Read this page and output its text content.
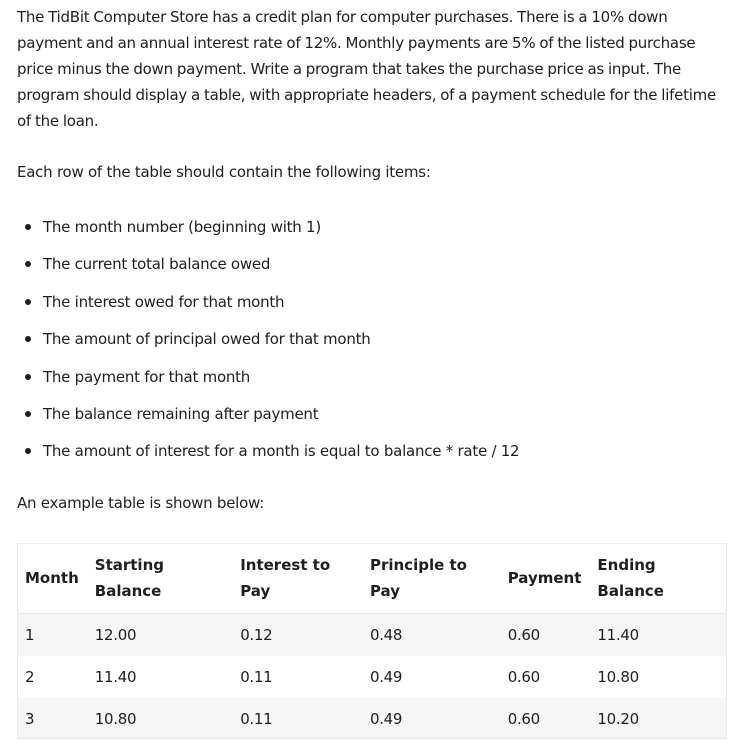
The TidBit Computer Store has a credit plan for computer purchases. There is a 10% down payment and an annual interest rate of 12%. Monthly payments are 5% of the listed purchase price minus the down payment. Write a program that takes the purchase price as input. The program should display a table, with appropriate headers, of a payment schedule for the lifetime of the loan.

Each row of the table should contain the following items:

The month number (beginning with 1)
The current total balance owed
The interest owed for that month
The amount of principal owed for that month
The payment for that month
The balance remaining after payment
The amount of interest for a month is equal to balance * rate / 12

An example table is shown below:

Month	Starting Balance	Interest to Pay	Principle to Pay	Payment	Ending Balance
1	12.00	0.12	0.48	0.60	11.40
2	11.40	0.11	0.49	0.60	10.80
3	10.80	0.11	0.49	0.60	10.20
